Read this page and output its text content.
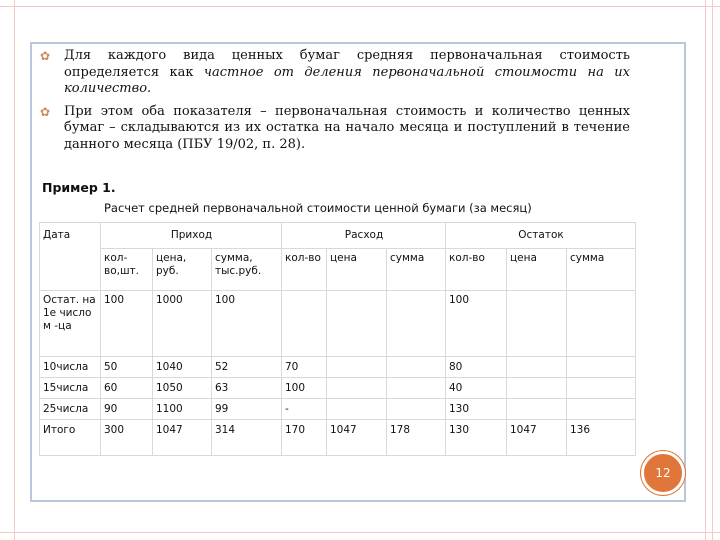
✿ Для каждого вида ценных бумаг средняя первоначальная стоимость определяется как частное от деления первоначальной стоимости на их количество.
✿ При этом оба показателя – первоначальная стоимость и количество ценных бумаг – складываются из их остатка на начало месяца и поступлений в течение данного месяца (ПБУ 19/02, п. 28).
Пример 1.
Расчет средней первоначальной стоимости ценной бумаги (за месяц)
Дата	Приход			Расход			Остаток		
	кол-во,шт.	цена, руб.	сумма, тыс.руб.	кол-во	цена	сумма	кол-во	цена	сумма
Остат. на 1е число м -ца	100	1000	100				100		
10числа	50	1040	52	70			80		
15числа	60	1050	63	100			40		
25числа	90	1100	99	-			130		
Итого	300	1047	314	170	1047	178	130	1047	136
12
